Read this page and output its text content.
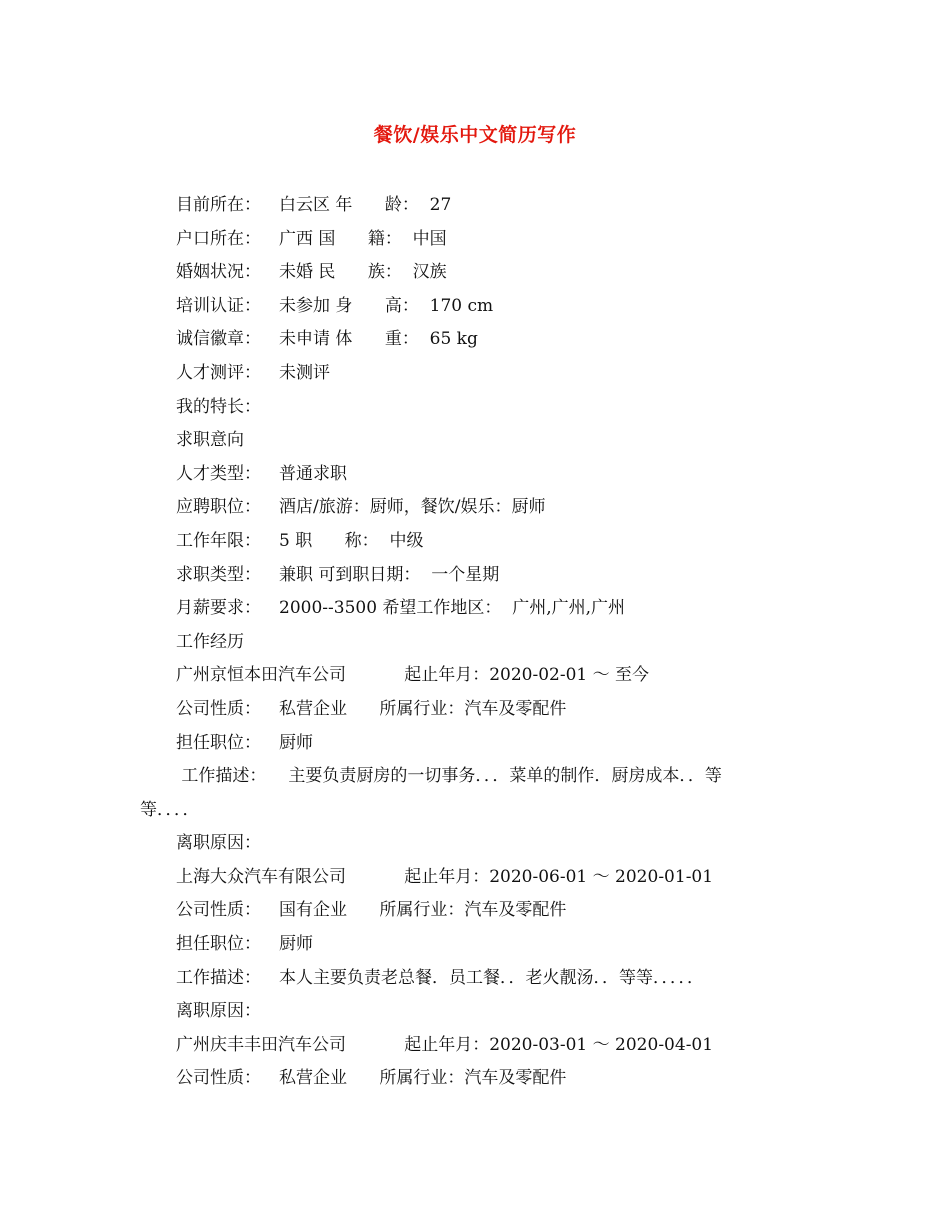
餐饮/娱乐中文简历写作
目前所在： 白云区 年      龄：  27
户口所在： 广西 国      籍：  中国
婚姻状况： 未婚 民      族：  汉族
培训认证： 未参加 身      高：  170 cm
诚信徽章： 未申请 体      重：  65 kg
人才测评： 未测评
我的特长：
求职意向
人才类型： 普通求职
应聘职位： 酒店/旅游：厨师，餐饮/娱乐：厨师
工作年限： 5 职      称：  中级
求职类型： 兼职 可到职日期：  一个星期
月薪要求： 2000--3500 希望工作地区：  广州,广州,广州
工作经历
广州京恒本田汽车公司 起止年月：2020-02-01 ～ 至今
公司性质： 私营企业      所属行业：汽车及零配件
担任职位： 厨师
工作描述： 主要负责厨房的一切事务．．．菜单的制作．厨房成本．．等
等．．．．
离职原因：
上海大众汽车有限公司 起止年月：2020-06-01 ～ 2020-01-01
公司性质： 国有企业      所属行业：汽车及零配件
担任职位： 厨师
工作描述： 本人主要负责老总餐．员工餐．．老火靓汤．．等等．．．．．
离职原因：
广州庆丰丰田汽车公司 起止年月：2020-03-01 ～ 2020-04-01
公司性质： 私营企业      所属行业：汽车及零配件
